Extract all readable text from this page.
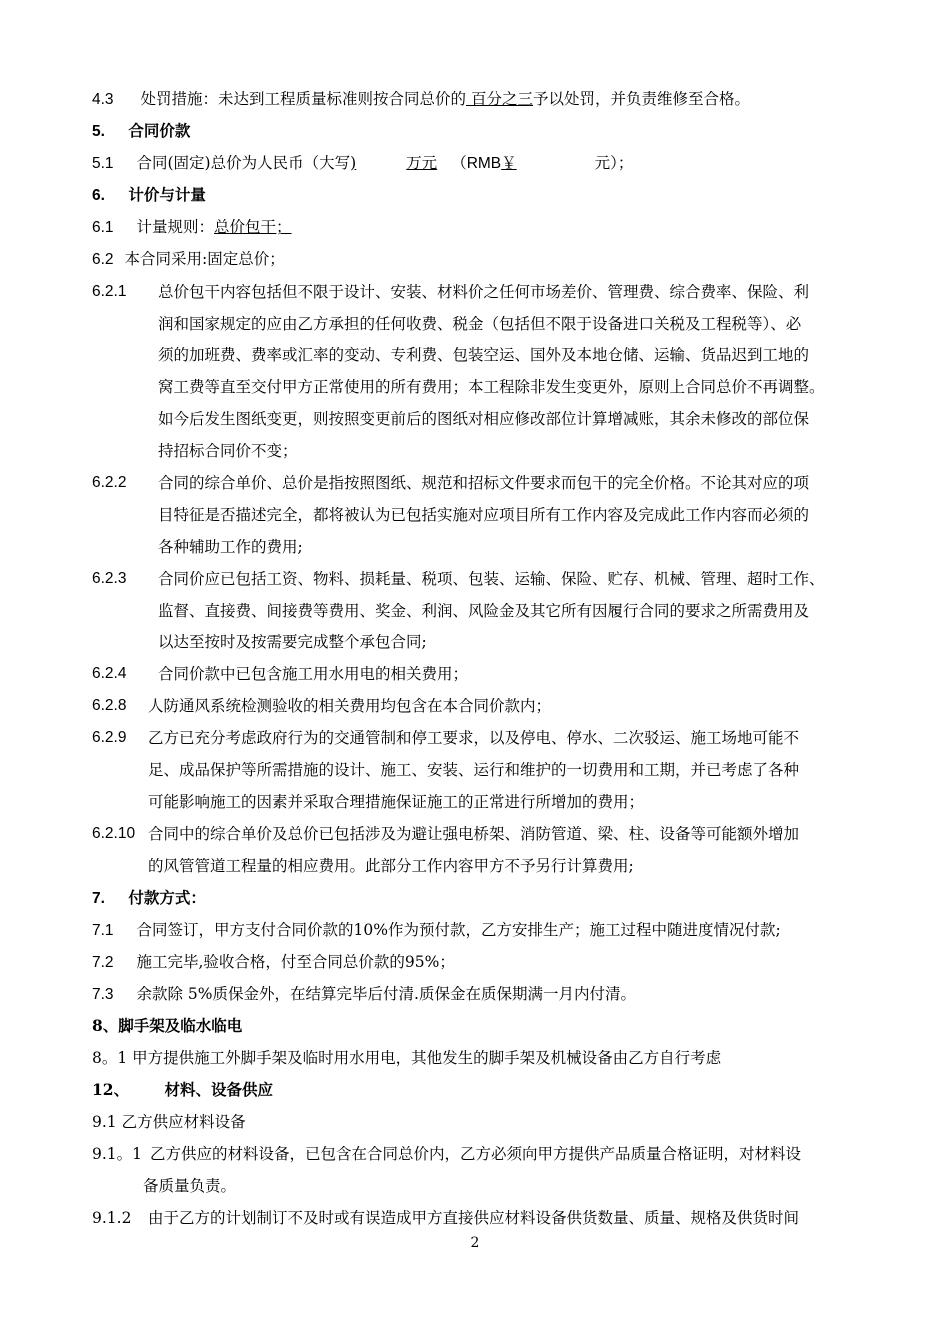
4.3 处罚措施：未达到工程质量标准则按合同总价的 百分之三予以处罚，并负责维修至合格。
5. 合同价款
5.1 合同(固定)总价为人民币（大写)	万元 （RMB￥	元）；
6. 计价与计量
6.1 计量规则：总价包干；
6.2 本合同采用:固定总价；
6.2.1 总价包干内容包括但不限于设计、安装、材料价之任何市场差价、管理费、综合费率、保险、利
润和国家规定的应由乙方承担的任何收费、税金（包括但不限于设备进口关税及工程税等）、必
须的加班费、费率或汇率的变动、专利费、包装空运、国外及本地仓储、运输、货品迟到工地的
窝工费等直至交付甲方正常使用的所有费用；本工程除非发生变更外，原则上合同总价不再调整。
如今后发生图纸变更，则按照变更前后的图纸对相应修改部位计算增减账，其余未修改的部位保
持招标合同价不变；
6.2.2 合同的综合单价、总价是指按照图纸、规范和招标文件要求而包干的完全价格。不论其对应的项
目特征是否描述完全，都将被认为已包括实施对应项目所有工作内容及完成此工作内容而必须的
各种辅助工作的费用;
6.2.3 合同价应已包括工资、物料、损耗量、税项、包装、运输、保险、贮存、机械、管理、超时工作、
监督、直接费、间接费等费用、奖金、利润、风险金及其它所有因履行合同的要求之所需费用及
以达至按时及按需要完成整个承包合同;
6.2.4 合同价款中已包含施工用水用电的相关费用；
6.2.8 人防通风系统检测验收的相关费用均包含在本合同价款内；
6.2.9 乙方已充分考虑政府行为的交通管制和停工要求，以及停电、停水、二次驳运、施工场地可能不
足、成品保护等所需措施的设计、施工、安装、运行和维护的一切费用和工期，并已考虑了各种
可能影响施工的因素并采取合理措施保证施工的正常进行所增加的费用；
6.2.10 合同中的综合单价及总价已包括涉及为避让强电桥架、消防管道、梁、柱、设备等可能额外增加
的风管管道工程量的相应费用。此部分工作内容甲方不予另行计算费用;
7. 付款方式：
7.1 合同签订，甲方支付合同价款的10%作为预付款，乙方安排生产；施工过程中随进度情况付款;
7.2 施工完毕,验收合格，付至合同总价款的95%；
7.3 余款除 5%质保金外，在结算完毕后付清.质保金在质保期满一月内付清。
8、脚手架及临水临电
8。1 甲方提供施工外脚手架及临时用水用电，其他发生的脚手架及机械设备由乙方自行考虑
12、 材料、设备供应
9.1 乙方供应材料设备
9.1。1 乙方供应的材料设备，已包含在合同总价内，乙方必须向甲方提供产品质量合格证明，对材料设
备质量负责。
9.1.2 由于乙方的计划制订不及时或有误造成甲方直接供应材料设备供货数量、质量、规格及供货时间
2
